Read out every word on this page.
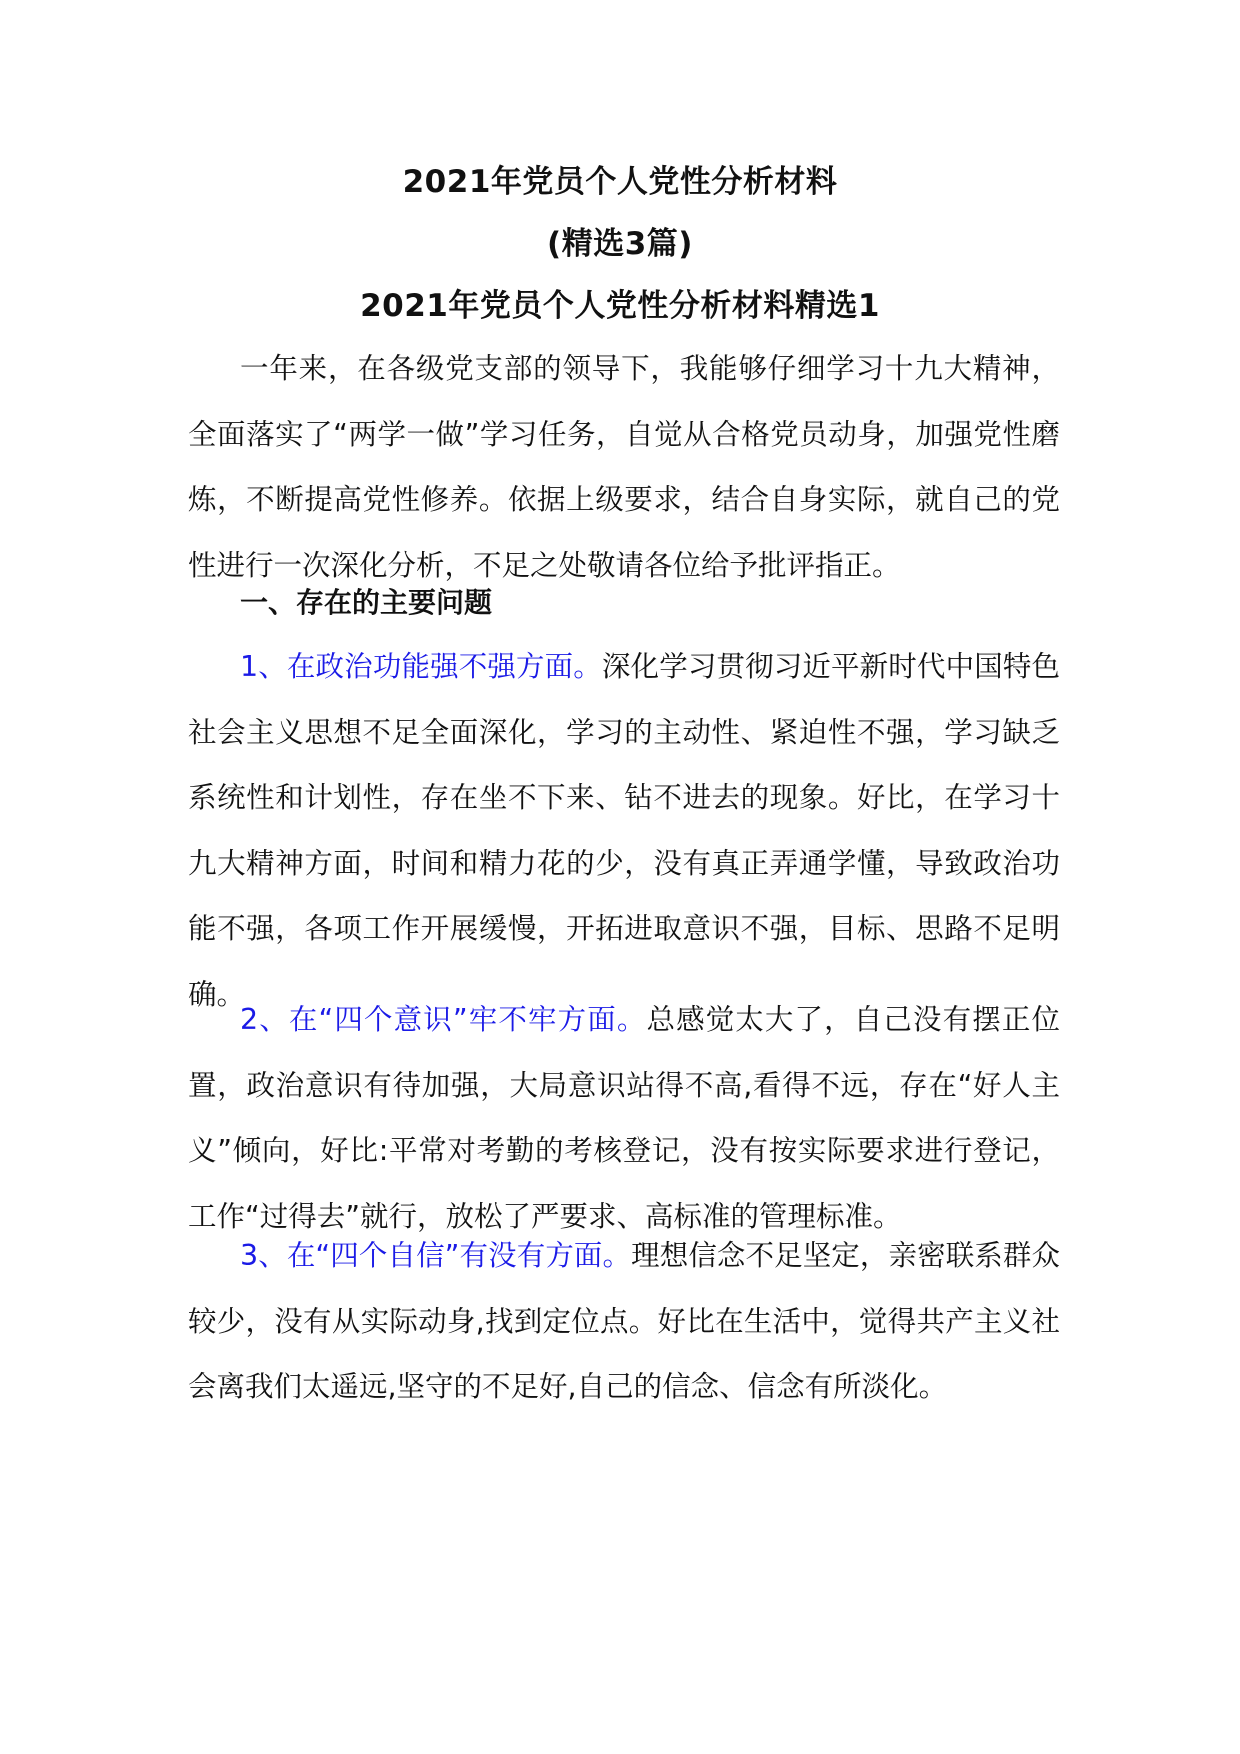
2021年党员个人党性分析材料
(精选3篇)
2021年党员个人党性分析材料精选1

一年来，在各级党支部的领导下，我能够仔细学习十九大精神，全面落实了“两学一做”学习任务，自觉从合格党员动身，加强党性磨炼，不断提高党性修养。依据上级要求，结合自身实际，就自己的党性进行一次深化分析，不足之处敬请各位给予批评指正。

一、存在的主要问题

1、在政治功能强不强方面。深化学习贯彻习近平新时代中国特色社会主义思想不足全面深化，学习的主动性、紧迫性不强，学习缺乏系统性和计划性，存在坐不下来、钻不进去的现象。好比，在学习十九大精神方面，时间和精力花的少，没有真正弄通学懂，导致政治功能不强，各项工作开展缓慢，开拓进取意识不强，目标、思路不足明确。

2、在“四个意识”牢不牢方面。总感觉太大了，自己没有摆正位置，政治意识有待加强，大局意识站得不高,看得不远，存在“好人主义”倾向，好比:平常对考勤的考核登记，没有按实际要求进行登记，工作“过得去”就行，放松了严要求、高标准的管理标准。

3、在“四个自信”有没有方面。理想信念不足坚定，亲密联系群众较少，没有从实际动身,找到定位点。好比在生活中，觉得共产主义社会离我们太遥远,坚守的不足好,自己的信念、信念有所淡化。
